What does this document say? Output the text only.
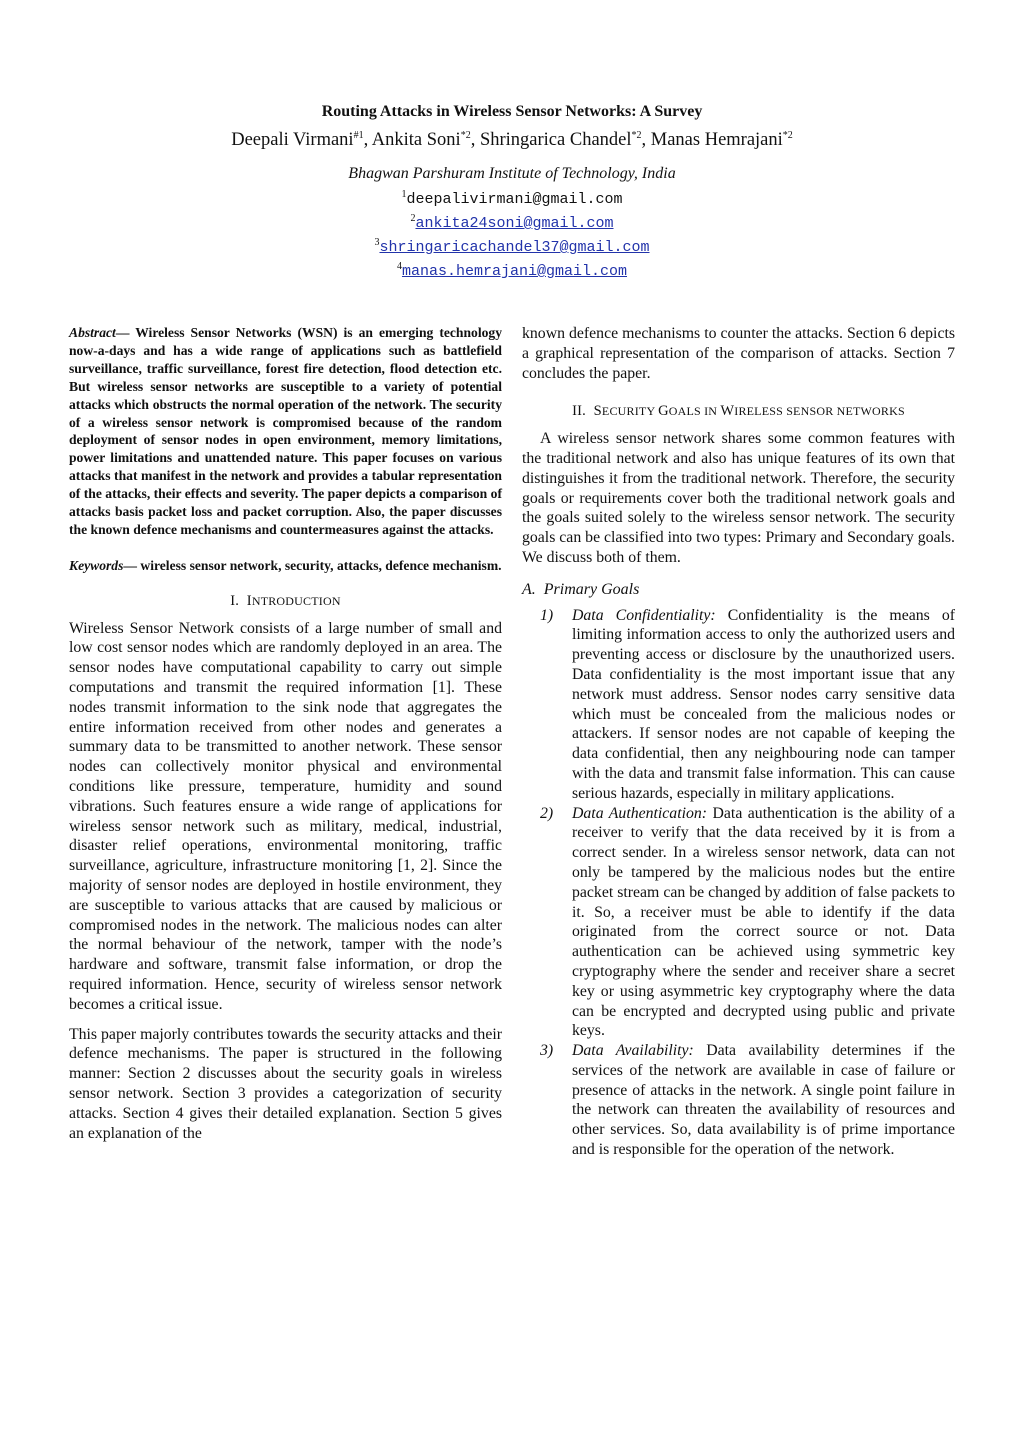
Routing Attacks in Wireless Sensor Networks: A Survey
Deepali Virmani$^{\#1}$, Ankita Soni$^{*2}$, Shringarica Chandel$^{*2}$, Manas Hemrajani$^{*2}$
Bhagwan Parshuram Institute of Technology, India
$^1$deepalivirmani@gmail.com
$^2$ankita24soni@gmail.com
$^3$shringaricachandel37@gmail.com
$^4$manas.hemrajani@gmail.com

Abstract— Wireless Sensor Networks (WSN) is an emerging technology now-a-days and has a wide range of applications such as battlefield surveillance, traffic surveillance, forest fire detection, flood detection etc. But wireless sensor networks are susceptible to a variety of potential attacks which obstructs the normal operation of the network. The security of a wireless sensor network is compromised because of the random deployment of sensor nodes in open environment, memory limitations, power limitations and unattended nature. This paper focuses on various attacks that manifest in the network and provides a tabular representation of the attacks, their effects and severity. The paper depicts a comparison of attacks basis packet loss and packet corruption. Also, the paper discusses the known defence mechanisms and countermeasures against the attacks.

Keywords— wireless sensor network, security, attacks, defence mechanism.

I. INTRODUCTION

Wireless Sensor Network consists of a large number of small and low cost sensor nodes which are randomly deployed in an area. The sensor nodes have computational capability to carry out simple computations and transmit the required information [1]. These nodes transmit information to the sink node that aggregates the entire information received from other nodes and generates a summary data to be transmitted to another network. These sensor nodes can collectively monitor physical and environmental conditions like pressure, temperature, humidity and sound vibrations. Such features ensure a wide range of applications for wireless sensor network such as military, medical, industrial, disaster relief operations, environmental monitoring, traffic surveillance, agriculture, infrastructure monitoring [1, 2]. Since the majority of sensor nodes are deployed in hostile environment, they are susceptible to various attacks that are caused by malicious or compromised nodes in the network. The malicious nodes can alter the normal behaviour of the network, tamper with the node’s hardware and software, transmit false information, or drop the required information. Hence, security of wireless sensor network becomes a critical issue.

This paper majorly contributes towards the security attacks and their defence mechanisms. The paper is structured in the following manner: Section 2 discusses about the security goals in wireless sensor network. Section 3 provides a categorization of security attacks. Section 4 gives their detailed explanation. Section 5 gives an explanation of the

known defence mechanisms to counter the attacks. Section 6 depicts a graphical representation of the comparison of attacks. Section 7 concludes the paper.

II. SECURITY GOALS IN WIRELESS SENSOR NETWORKS

A wireless sensor network shares some common features with the traditional network and also has unique features of its own that distinguishes it from the traditional network. Therefore, the security goals or requirements cover both the traditional network goals and the goals suited solely to the wireless sensor network. The security goals can be classified into two types: Primary and Secondary goals. We discuss both of them.

A. Primary Goals
1)	Data Confidentiality: Confidentiality is the means of limiting information access to only the authorized users and preventing access or disclosure by the unauthorized users. Data confidentiality is the most important issue that any network must address. Sensor nodes carry sensitive data which must be concealed from the malicious nodes or attackers. If sensor nodes are not capable of keeping the data confidential, then any neighbouring node can tamper with the data and transmit false information. This can cause serious hazards, especially in military applications.
2)	Data Authentication: Data authentication is the ability of a receiver to verify that the data received by it is from a correct sender. In a wireless sensor network, data can not only be tampered by the malicious nodes but the entire packet stream can be changed by addition of false packets to it. So, a receiver must be able to identify if the data originated from the correct source or not. Data authentication can be achieved using symmetric key cryptography where the sender and receiver share a secret key or using asymmetric key cryptography where the data can be encrypted and decrypted using public and private keys.
3)	Data Availability: Data availability determines if the services of the network are available in case of failure or presence of attacks in the network. A single point failure in the network can threaten the availability of resources and other services. So, data availability is of prime importance and is responsible for the operation of the network.
